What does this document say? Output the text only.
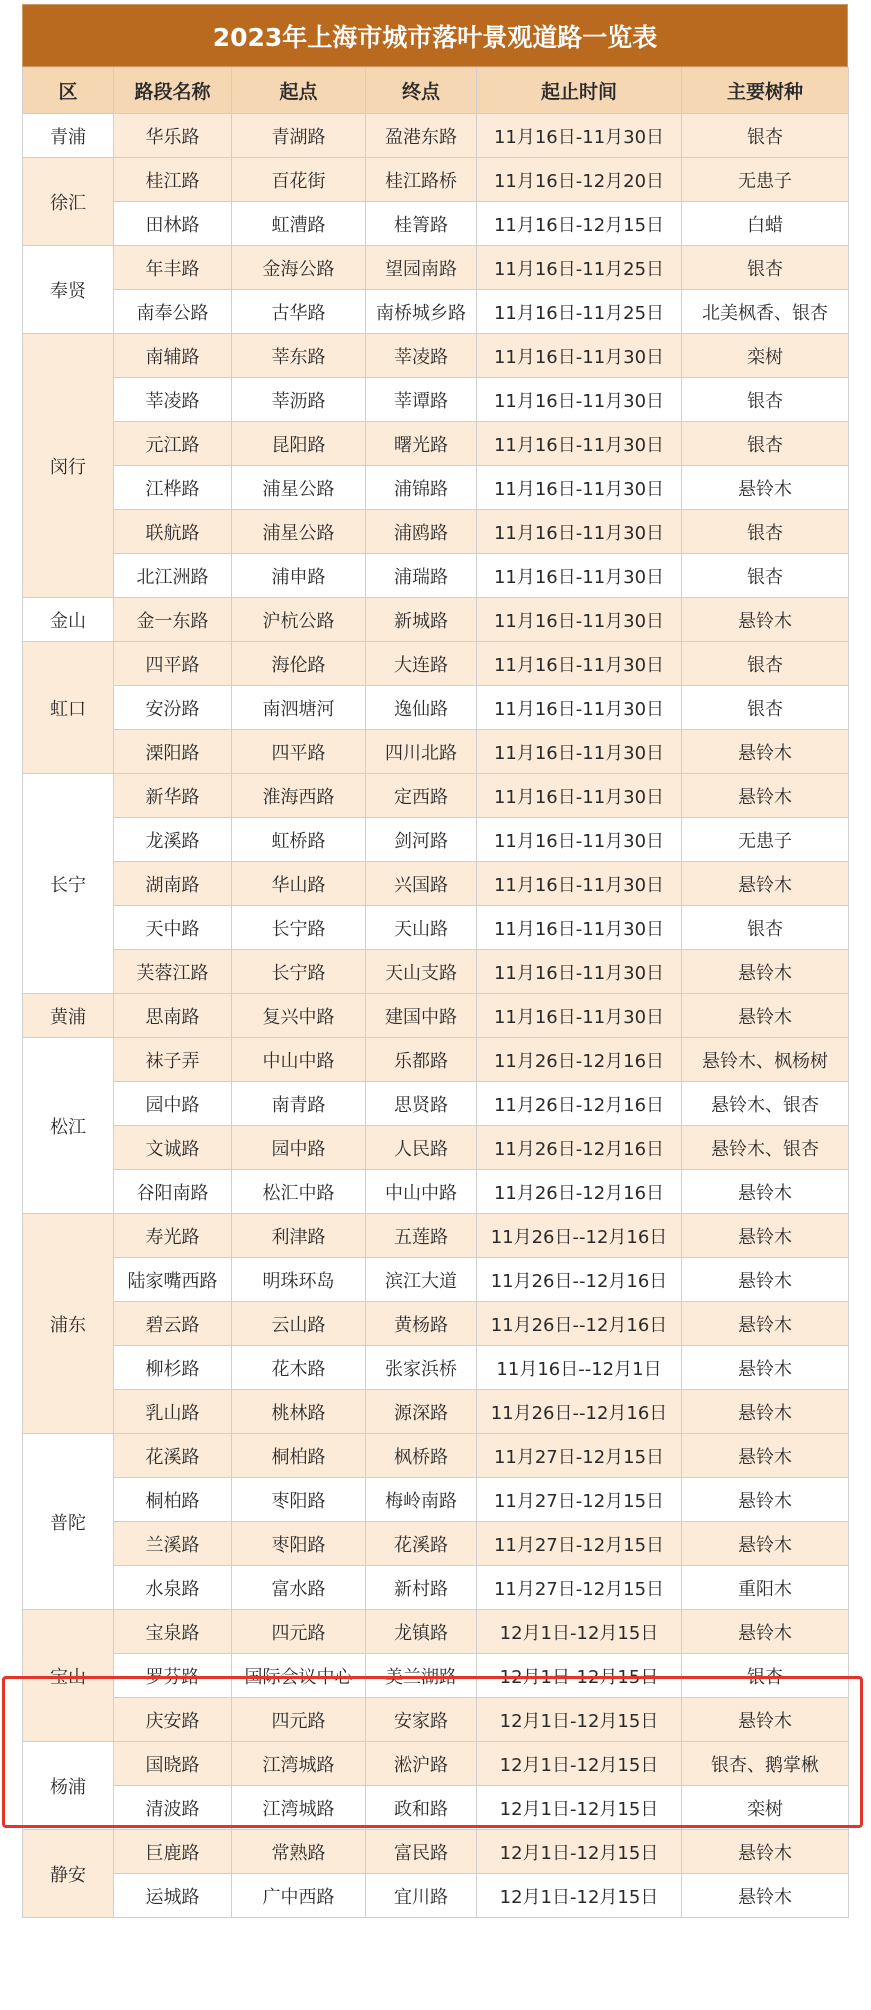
2023年上海市城市落叶景观道路一览表
区	路段名称	起点	终点	起止时间	主要树种
青浦	华乐路	青湖路	盈港东路	11月16日-11月30日	银杏
徐汇	桂江路	百花街	桂江路桥	11月16日-12月20日	无患子
	田林路	虹漕路	桂箐路	11月16日-12月15日	白蜡
奉贤	年丰路	金海公路	望园南路	11月16日-11月25日	银杏
	南奉公路	古华路	南桥城乡路	11月16日-11月25日	北美枫香、银杏
闵行	南辅路	莘东路	莘凌路	11月16日-11月30日	栾树
	莘凌路	莘沥路	莘谭路	11月16日-11月30日	银杏
	元江路	昆阳路	曙光路	11月16日-11月30日	银杏
	江桦路	浦星公路	浦锦路	11月16日-11月30日	悬铃木
	联航路	浦星公路	浦鸥路	11月16日-11月30日	银杏
	北江洲路	浦申路	浦瑞路	11月16日-11月30日	银杏
金山	金一东路	沪杭公路	新城路	11月16日-11月30日	悬铃木
虹口	四平路	海伦路	大连路	11月16日-11月30日	银杏
	安汾路	南泗塘河	逸仙路	11月16日-11月30日	银杏
	溧阳路	四平路	四川北路	11月16日-11月30日	悬铃木
长宁	新华路	淮海西路	定西路	11月16日-11月30日	悬铃木
	龙溪路	虹桥路	剑河路	11月16日-11月30日	无患子
	湖南路	华山路	兴国路	11月16日-11月30日	悬铃木
	天中路	长宁路	天山路	11月16日-11月30日	银杏
	芙蓉江路	长宁路	天山支路	11月16日-11月30日	悬铃木
黄浦	思南路	复兴中路	建国中路	11月16日-11月30日	悬铃木
松江	袜子弄	中山中路	乐都路	11月26日-12月16日	悬铃木、枫杨树
	园中路	南青路	思贤路	11月26日-12月16日	悬铃木、银杏
	文诚路	园中路	人民路	11月26日-12月16日	悬铃木、银杏
	谷阳南路	松汇中路	中山中路	11月26日-12月16日	悬铃木
浦东	寿光路	利津路	五莲路	11月26日--12月16日	悬铃木
	陆家嘴西路	明珠环岛	滨江大道	11月26日--12月16日	悬铃木
	碧云路	云山路	黄杨路	11月26日--12月16日	悬铃木
	柳杉路	花木路	张家浜桥	11月16日--12月1日	悬铃木
	乳山路	桃林路	源深路	11月26日--12月16日	悬铃木
普陀	花溪路	桐柏路	枫桥路	11月27日-12月15日	悬铃木
	桐柏路	枣阳路	梅岭南路	11月27日-12月15日	悬铃木
	兰溪路	枣阳路	花溪路	11月27日-12月15日	悬铃木
	水泉路	富水路	新村路	11月27日-12月15日	重阳木
宝山	宝泉路	四元路	龙镇路	12月1日-12月15日	悬铃木
	罗芬路	国际会议中心	美兰湖路	12月1日-12月15日	银杏
	庆安路	四元路	安家路	12月1日-12月15日	悬铃木
杨浦	国晓路	江湾城路	淞沪路	12月1日-12月15日	银杏、鹅掌楸
	清波路	江湾城路	政和路	12月1日-12月15日	栾树
静安	巨鹿路	常熟路	富民路	12月1日-12月15日	悬铃木
	运城路	广中西路	宜川路	12月1日-12月15日	悬铃木
